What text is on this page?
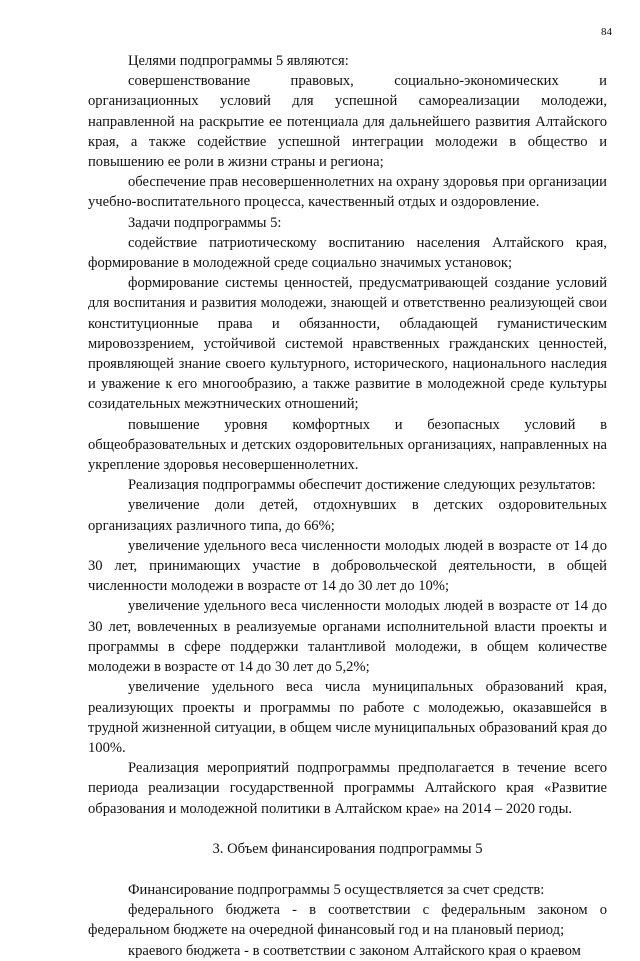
84

Целями подпрограммы 5 являются:

совершенствование правовых, социально-экономических и организационных условий для успешной самореализации молодежи, направленной на раскрытие ее потенциала для дальнейшего развития Алтайского края, а также содействие успешной интеграции молодежи в общество и повышению ее роли в жизни страны и региона;

обеспечение прав несовершеннолетних на охрану здоровья при организации учебно-воспитательного процесса, качественный отдых и оздоровление.

Задачи подпрограммы 5:

содействие патриотическому воспитанию населения Алтайского края, формирование в молодежной среде социально значимых установок;

формирование системы ценностей, предусматривающей создание условий для воспитания и развития молодежи, знающей и ответственно реализующей свои конституционные права и обязанности, обладающей гуманистическим мировоззрением, устойчивой системой нравственных гражданских ценностей, проявляющей знание своего культурного, исторического, национального наследия и уважение к его многообразию, а также развитие в молодежной среде культуры созидательных межэтнических отношений;

повышение уровня комфортных и безопасных условий в общеобразовательных и детских оздоровительных организациях, направленных на укрепление здоровья несовершеннолетних.

Реализация подпрограммы обеспечит достижение следующих результатов:

увеличение доли детей, отдохнувших в детских оздоровительных организациях различного типа, до 66%;

увеличение удельного веса численности молодых людей в возрасте от 14 до 30 лет, принимающих участие в добровольческой деятельности, в общей численности молодежи в возрасте от 14 до 30 лет до 10%;

увеличение удельного веса численности молодых людей в возрасте от 14 до 30 лет, вовлеченных в реализуемые органами исполнительной власти проекты и программы в сфере поддержки талантливой молодежи, в общем количестве молодежи в возрасте от 14 до 30 лет до 5,2%;

увеличение удельного веса числа муниципальных образований края, реализующих проекты и программы по работе с молодежью, оказавшейся в трудной жизненной ситуации, в общем числе муниципальных образований края до 100%.

Реализация мероприятий подпрограммы предполагается в течение всего периода реализации государственной программы Алтайского края «Развитие образования и молодежной политики в Алтайском крае» на 2014 – 2020 годы.

3. Объем финансирования подпрограммы 5

Финансирование подпрограммы 5 осуществляется за счет средств:

федерального бюджета - в соответствии с федеральным законом о федеральном бюджете на очередной финансовый год и на плановый период;

краевого бюджета - в соответствии с законом Алтайского края о краевом
